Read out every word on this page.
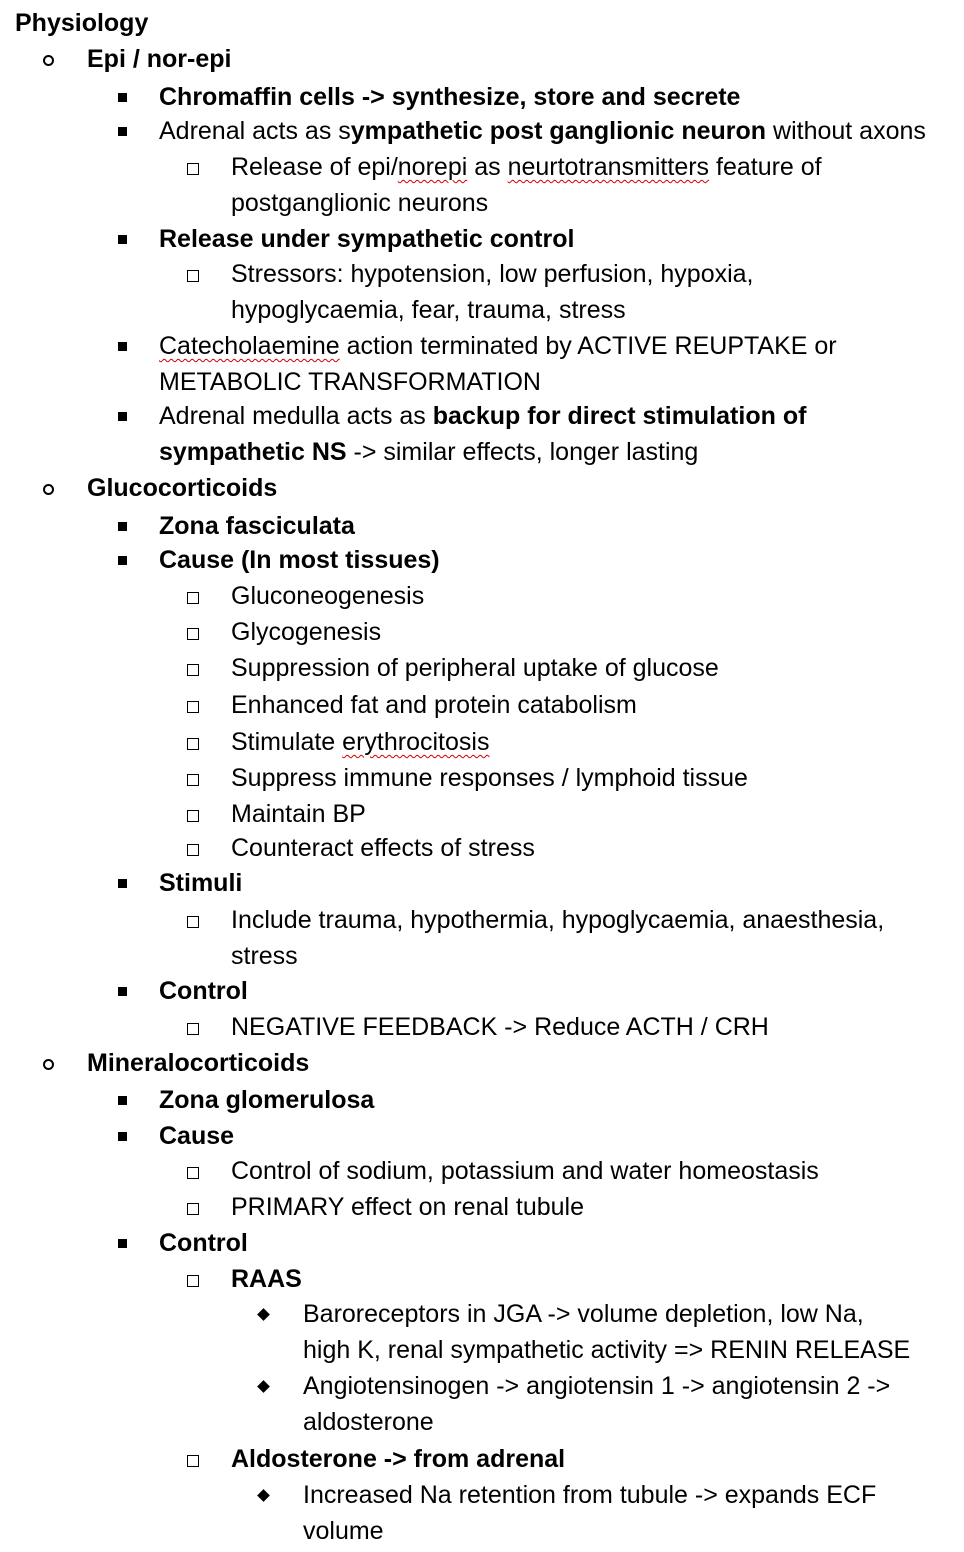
Physiology
Epi / nor-epi
Chromaffin cells -> synthesize, store and secrete
Adrenal acts as sympathetic post ganglionic neuron without axons
Release of epi/norepi as neurtotransmitters feature of
postganglionic neurons
Release under sympathetic control
Stressors: hypotension, low perfusion, hypoxia,
hypoglycaemia, fear, trauma, stress
Catecholaemine action terminated by ACTIVE REUPTAKE or
METABOLIC TRANSFORMATION
Adrenal medulla acts as backup for direct stimulation of
sympathetic NS -> similar effects, longer lasting
Glucocorticoids
Zona fasciculata
Cause (In most tissues)
Gluconeogenesis
Glycogenesis
Suppression of peripheral uptake of glucose
Enhanced fat and protein catabolism
Stimulate erythrocitosis
Suppress immune responses / lymphoid tissue
Maintain BP
Counteract effects of stress
Stimuli
Include trauma, hypothermia, hypoglycaemia, anaesthesia,
stress
Control
NEGATIVE FEEDBACK -> Reduce ACTH / CRH
Mineralocorticoids
Zona glomerulosa
Cause
Control of sodium, potassium and water homeostasis
PRIMARY effect on renal tubule
Control
RAAS
Baroreceptors in JGA -> volume depletion, low Na,
high K, renal sympathetic activity => RENIN RELEASE
Angiotensinogen -> angiotensin 1 -> angiotensin 2 ->
aldosterone
Aldosterone -> from adrenal
Increased Na retention from tubule -> expands ECF
volume
